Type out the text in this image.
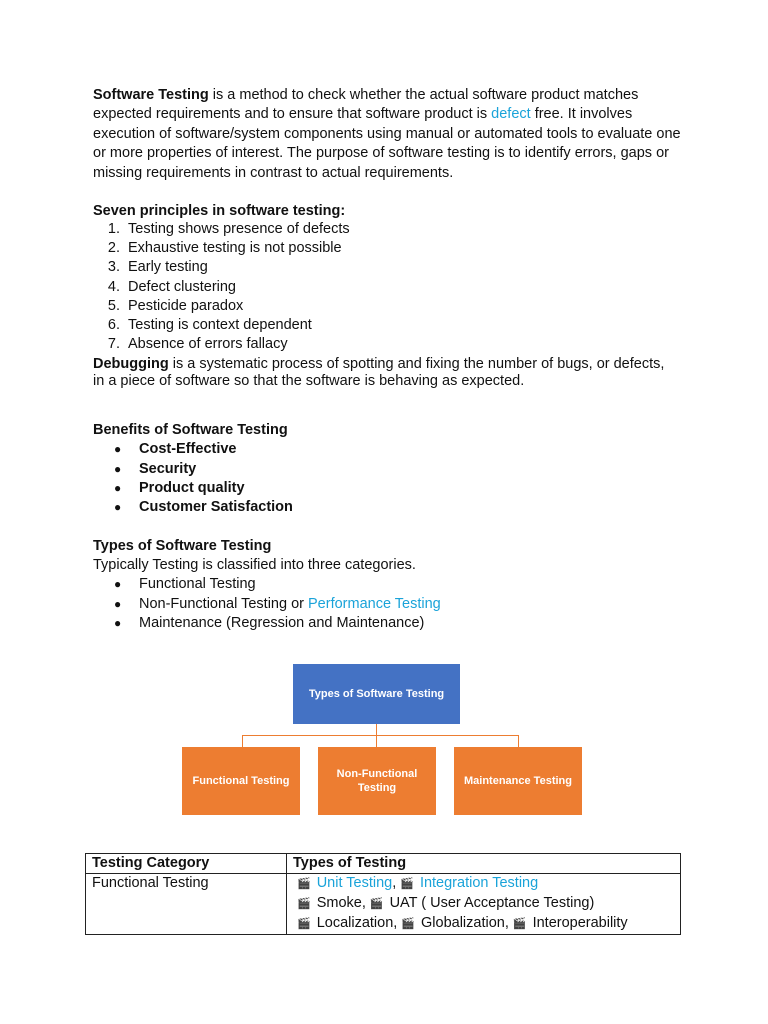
Software Testing is a method to check whether the actual software product matches expected requirements and to ensure that software product is defect free. It involves execution of software/system components using manual or automated tools to evaluate one or more properties of interest. The purpose of software testing is to identify errors, gaps or missing requirements in contrast to actual requirements.
Seven principles in software testing:
1. Testing shows presence of defects
2. Exhaustive testing is not possible
3. Early testing
4. Defect clustering
5. Pesticide paradox
6. Testing is context dependent
7. Absence of errors fallacy
Debugging is a systematic process of spotting and fixing the number of bugs, or defects, in a piece of software so that the software is behaving as expected.
Benefits of Software Testing
● Cost-Effective
● Security
● Product quality
● Customer Satisfaction
Types of Software Testing
Typically Testing is classified into three categories.
● Functional Testing
● Non-Functional Testing or Performance Testing
● Maintenance (Regression and Maintenance)
Types of Software Testing
Functional Testing
Non-Functional
Testing
Maintenance Testing
Testing Category	Types of Testing
Functional Testing	🎬 Unit Testing, 🎬 Integration Testing
🎬 Smoke, 🎬 UAT ( User Acceptance Testing)
🎬 Localization, 🎬 Globalization, 🎬 Interoperability
